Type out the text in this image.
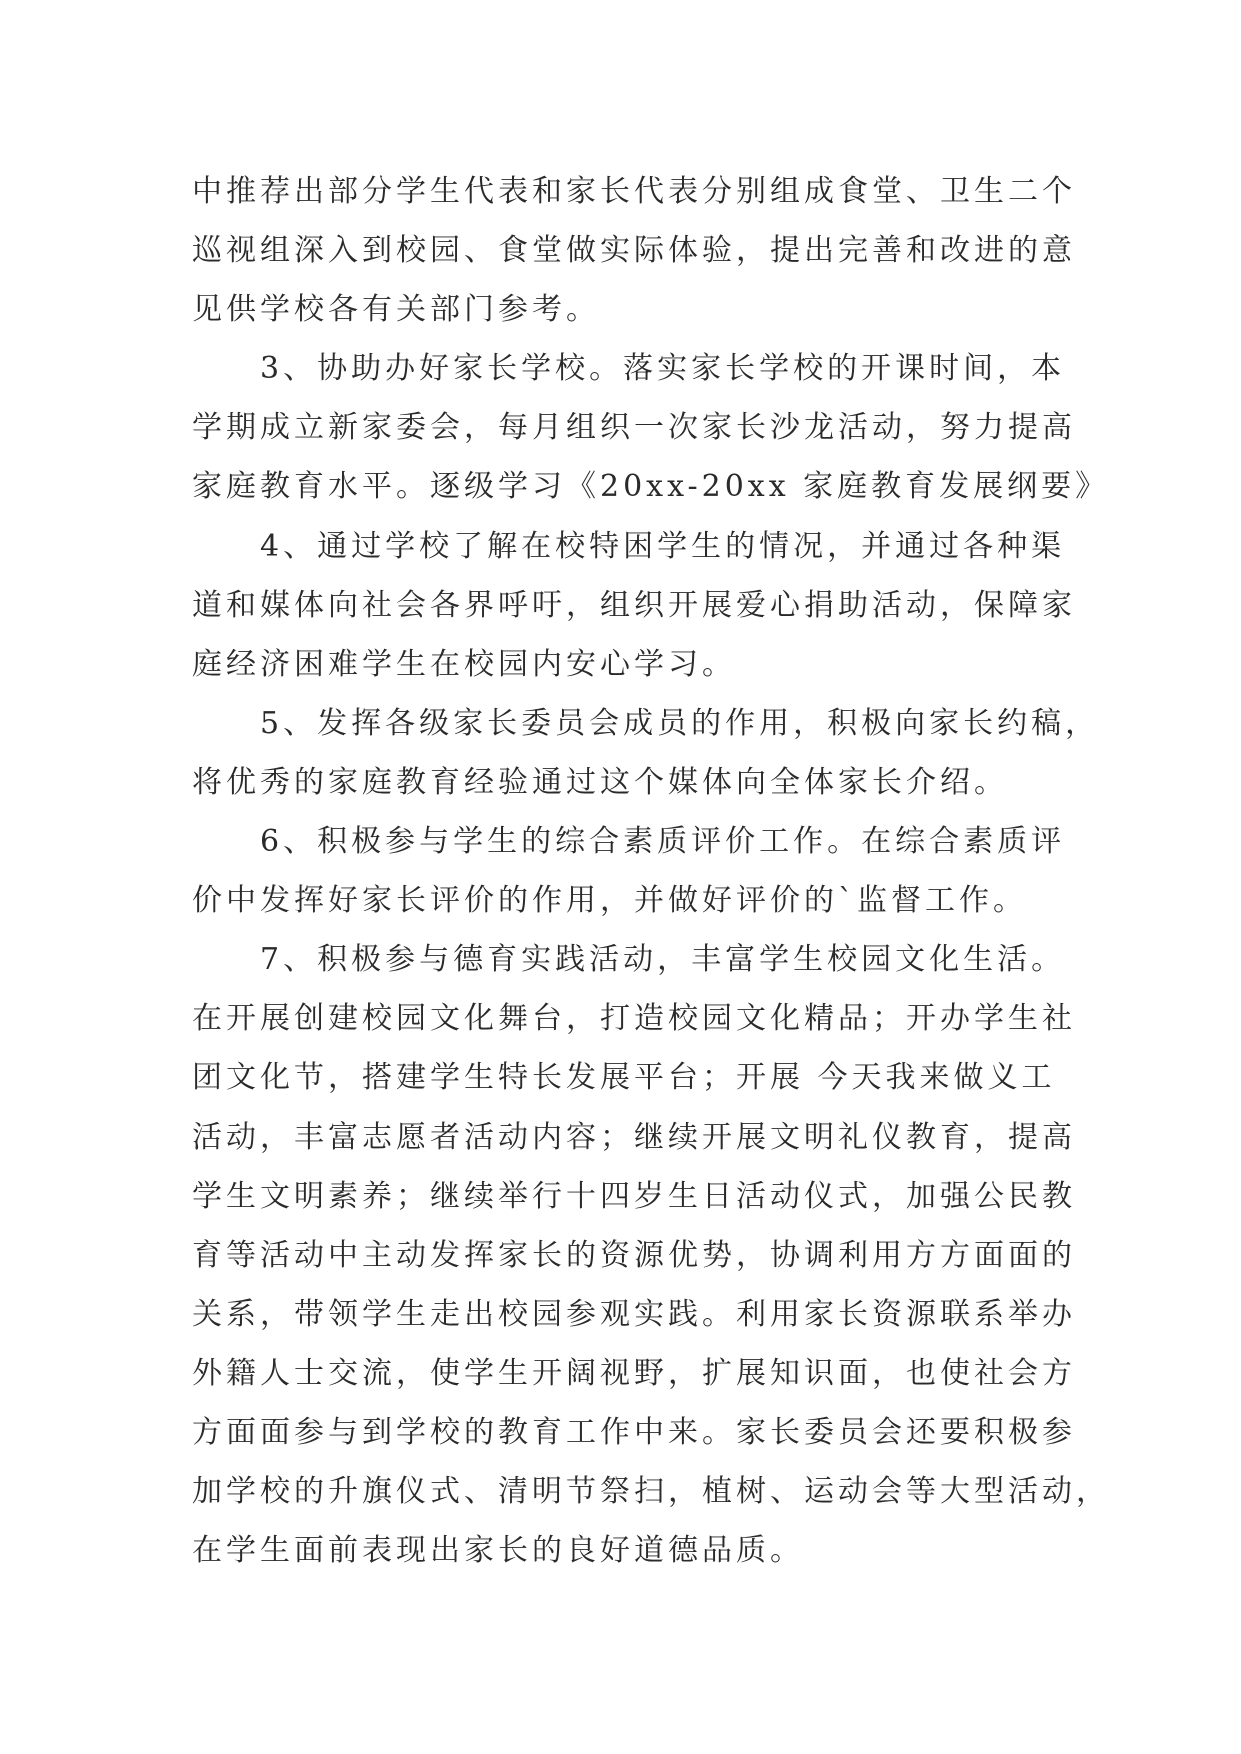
中推荐出部分学生代表和家长代表分别组成食堂、卫生二个
巡视组深入到校园、食堂做实际体验，提出完善和改进的意
见供学校各有关部门参考。
3、协助办好家长学校。落实家长学校的开课时间，本
学期成立新家委会，每月组织一次家长沙龙活动，努力提高
家庭教育水平。逐级学习《20xx-20xx 家庭教育发展纲要》
4、通过学校了解在校特困学生的情况，并通过各种渠
道和媒体向社会各界呼吁，组织开展爱心捐助活动，保障家
庭经济困难学生在校园内安心学习。
5、发挥各级家长委员会成员的作用，积极向家长约稿，
将优秀的家庭教育经验通过这个媒体向全体家长介绍。
6、积极参与学生的综合素质评价工作。在综合素质评
价中发挥好家长评价的作用，并做好评价的`监督工作。
7、积极参与德育实践活动，丰富学生校园文化生活。
在开展创建校园文化舞台，打造校园文化精品；开办学生社
团文化节，搭建学生特长发展平台；开展 今天我来做义工
活动，丰富志愿者活动内容；继续开展文明礼仪教育，提高
学生文明素养；继续举行十四岁生日活动仪式，加强公民教
育等活动中主动发挥家长的资源优势，协调利用方方面面的
关系，带领学生走出校园参观实践。利用家长资源联系举办
外籍人士交流，使学生开阔视野，扩展知识面，也使社会方
方面面参与到学校的教育工作中来。家长委员会还要积极参
加学校的升旗仪式、清明节祭扫，植树、运动会等大型活动，
在学生面前表现出家长的良好道德品质。
